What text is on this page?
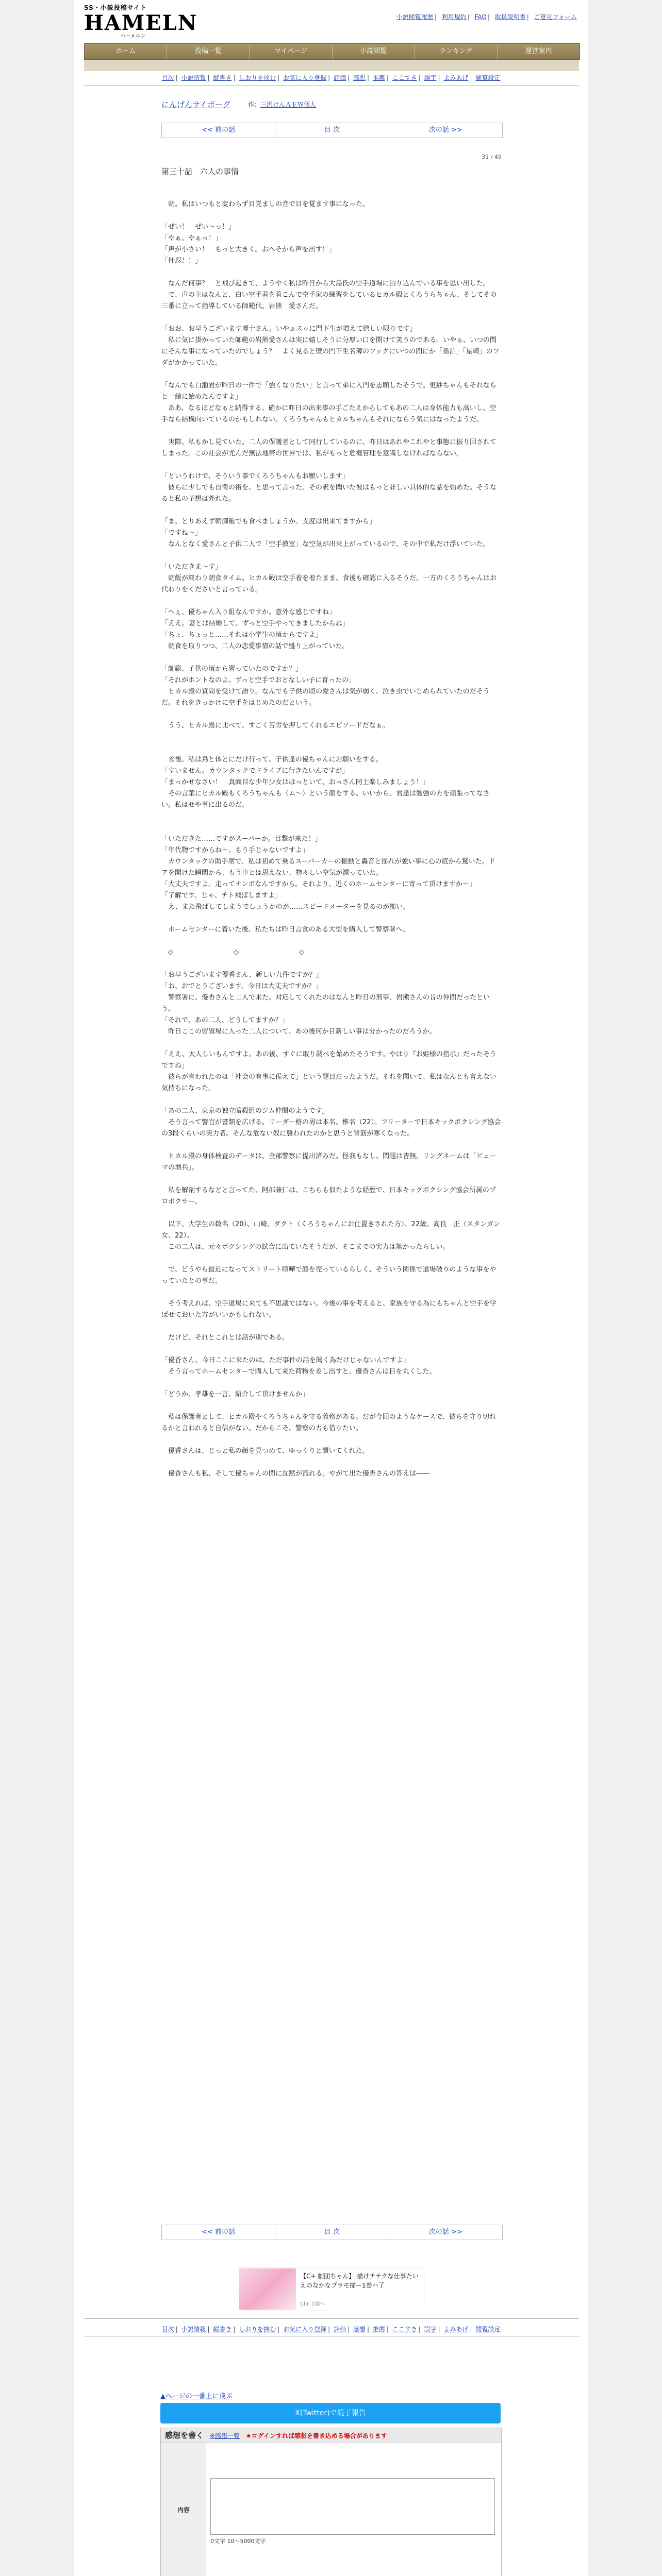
SS・小説投稿サイト
HAMELN
ハーメルン
小説閲覧履歴 | 利用規約 | FAQ | 取扱説明書 | ご意見フォーム
ホーム	投稿一覧	マイページ	小説閲覧	ランキング	運営案内
目次 | 小説情報 | 縦書き | しおりを挟む | お気に入り登録 | 評価 | 感想 | 推薦 | ここすき | 誤字 | よみあげ | 閲覧設定
にんげんサイボーグ	作：三沢けんＡＥＷ個人
<< 前の話	目 次	次の話 >>
31 / 49
第三十話　六人の事情

　朝。私はいつもと変わらず目覚ましの音で目を覚ます事になった。

「ぜい！　ぜい〜っ！」

「やぁ。やぁっ！」

「声が小さい！　もっと大きく。おへそから声を出す！」

「押忍！！」

　なんだ何事？　と飛び起きて、ようやく私は昨日から大島氏の空手道場に泊り込んでいる事を思い出した。

　で、声の主はなんと、白い空手着を着こんで空手家の練習をしているヒカル殿とくろうらちゃん、そしてその三番に立って指導している師範代、岩熊　愛さんだ。

「おお、お早うございます博士さん。いやぁスゥに門下生が増えて嬉しい限りです」

　私に気に掛かっていた師範の岩熊愛さんは実に嬉しそうに分厚い口を開けて笑うのである。いやぁ、いつの間にそんな事になっていたのでしょう？　よく見ると壁の門下生名簿のフックにいつの間にか「孫泊」「星崎」のフダがかかっていた。

「なんでも白瀬君が昨日の一件で「強くなりたい」と言って弟に入門を志願したそうで。更紗ちゃんもそれならと一緒に始めたんですよ」

　ああ、なるほどなぁと納得する。確かに昨日の出来事の手ごたえからしてもあの二人は身体能力も高いし、空手なら結構向いているのかもしれない。くろうちゃんもヒカルちゃんもそれにならう気にはなったようだ。

　実際、私もかし見ていた。二人の保護者として同行しているのに、昨日はあれやこれやと事態に振り回されてしまった。この社会が尤んだ無法地帯の世界では、私がもっと危機管理を意識しなければならない。

「というわけで、そういう事でくろうちゃんもお願いします」

　彼らに少しでも自衛の術を、と思って言った。その訳を聞いた彼はもっと詳しい具体的な話を始めた。そうなると私の予想は外れた。

「ま、とりあえず朝御飯でも食べましょうか。支度は出来てますから」

「ですね〜」

　なんとなく愛さんと子供二人で「空手教室」な空気が出来上がっているので、その中で私だけ浮いていた。

「いただきま〜す」

　朝飯が終わり朝食タイム。ヒカル殿は空手着を着たまま、食後も確認に入るそうだ。一方のくろうちゃんはお代わりをくださいと言っている。

「へぇ、優ちゃん入り組なんですか。意外な感じですね」

「ええ。妻とは結婚して、ずっと空手やってきましたからね」

「ちょ、ちょっと……それは小学生の頃からですよ」

　朝食を取りつつ、二人の恋愛事情の話で盛り上がっていた。

「師範、子供の頃から習っていたのですか？」

「それがホントなのよ。ずっと空手でおとなしい子に育ったの」

　ヒカル殿の質問を受けて語り。なんでも子供の頃の愛さんは気が弱く、泣き虫でいじめられていたのだそうだ。それをきっかけに空手をはじめたのだという。

　うう、ヒカル殿に比べて、すごく苦労を押してくれるエピソードだなぁ。

　食後、私は鳥と体とにだけ行って、子供達の優ちゃんにお願いをする。

「すいません。カウンタックでドライブに行きたいんですが」

「まっかせなさい！　真面目な少年少女はほっといて、おっさん同士楽しみましょう！」

　その言葉にヒカル殿もくろうちゃんも（ム〜）という顔をする。いいから、君達は勉強の方を頑張ってなさい。私はせや事に出るのだ。

「いただきた……ですがスーパーか。目撃が来た！」

「年代物ですからね〜。もう手じゃないですよ」

　カウンタックの助手席で、私は初めて乗るスーパーカーの振動と轟音と揺れが強い事に心の底から驚いた。ドアを開けた瞬間から、もう車とは思えない、物々しい空気が漂っていた。

「大丈夫ですよ。走ってナンボなんですから。それより、近くのホームセンターに寄って頂けますか〜」

「了解です。じゃ、チト飛ばしますよ」

　え、また飛ばしてしまうでしょうかのが……スピードメーターを見るのが怖い。

　ホームセンターに着いた後、私たちは昨日言食のある大型を購入して警察署へ。

　◇　　　　　　　　　◇　　　　　　　　　◇

「お早うございます優香さん、新しい九件ですか？」

「お、おでとうございます。今日は大丈夫ですか？」

　警察署に、優香さんと二人で来た。対応してくれたのはなんと昨日の刑事、岩熊さんの昔の仲間だったという。

「それで、あの二人、どうしてますか？」

　昨日ここの留置場に入った二人について、あの後何か目新しい事は分かったのだろうか。

「ええ、大人しいもんですよ。あの後、すぐに取り調べを始めたそうです。やはり『お姫様の指示』だったそうですね」

　彼らが言われたのは「社会の有事に備えて」という題目だったようだ。それを聞いて、私はなんとも言えない気持ちになった。

「あの二人、東京の独立暗殺組のジム仲間のようです」

　そう言って警官が書類を広げる。リーダー格の男は本名、椎名（22）。フリーターで日本キックボクシング協会の3段くらいの実力者。そんな危ない奴に襲われたのかと思うと背筋が寒くなった。

　ヒカル殿の身体検査のデータは、全部警察に提出済みだ。怪我もなし、問題は皆無。リングネームは「ビューマの増兵」。

　私を解剖するなどと言ってた、阿部兼仁は、こちらも似たような経歴で、日本キックボクシング協会所属のプロボクサー。

　以下、大学生の数名（20）、山崎、ダクト（くろうちゃんにお仕置きされた方）、22歳、高良　正（スタンガン女、22）。

　この二人は、元々ボクシングの試合に出ていたそうだが、そこまでの実力は無かったらしい。

　で、どうやら最近になってストリート喧嘩で顔を売っているらしく、そういう関係で道場破りのような事をやっていたとの事だ。

　そう考えれば、空手道場に来ても不思議ではない。今後の事を考えると、家族を守る為にもちゃんと空手を学ばせておいた方がいいかもしれない。

　だけど、それとこれとは話が別である。

「優香さん、今日ここに来たのは、ただ事件の話を聞く為だけじゃないんですよ」

　そう言ってホームセンターで購入して来た荷物を差し出すと、優香さんは目を丸くした。

「どうか、孝雄を一言、紹介して頂けませんか」

　私は保護者として、ヒカル殿やくろうちゃんを守る義務がある。だが今回のようなケースで、彼らを守り切れるかと言われると自信がない。だからこそ、警察の力も借りたい。

　優香さんは、じっと私の顔を見つめて、ゆっくりと頷いてくれた。

　優香さんも私、そして優ちゃんの間に沈黙が流れる。やがて出た優香さんの答えは――

<< 前の話	目 次	次の話 >>
【C+ 劇団ちゃん】 描けチテクな仕事たい えのなかなプラモ描ー1巻ハ了
Cf+ 1週へ
目次 | 小説情報 | 縦書き | しおりを挟む | お気に入り登録 | 評価 | 感想 | 推薦 | ここすき | 誤字 | よみあげ | 閲覧設定
▲ページの一番上に飛ぶ
X(Twitter)で読了報告
感想を書く ※感想一覧 ★ログインすれば感想を書き込める場合があります
内容
0文字 10〜5000文字
